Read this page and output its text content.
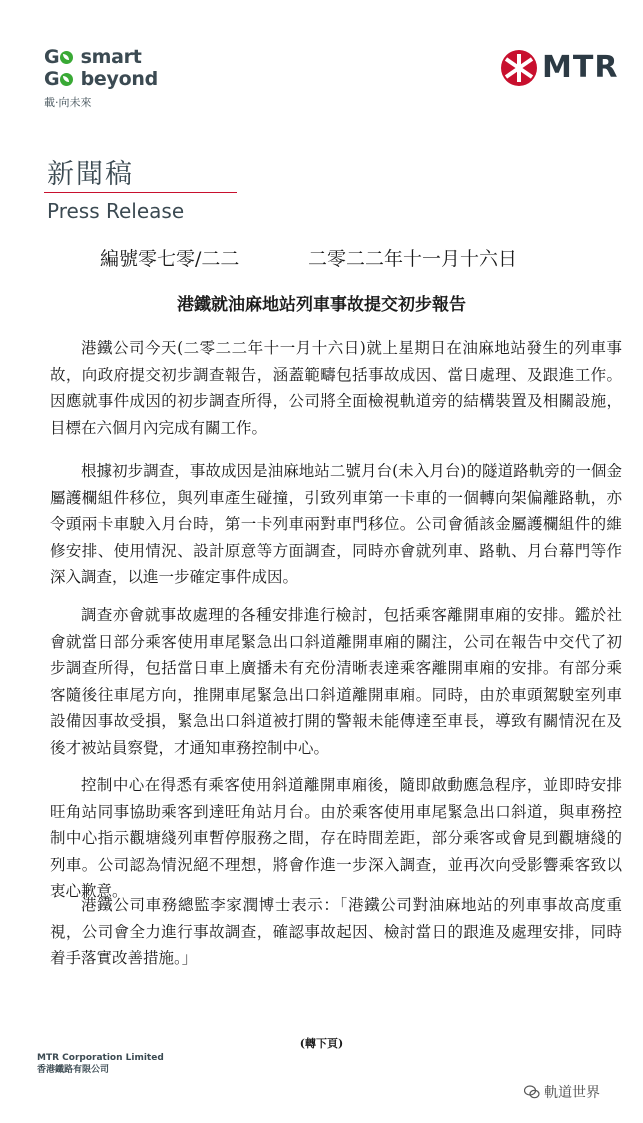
G smart
G beyond
載·向未來
MTR
新聞稿
Press Release
編號零七零/二二	二零二二年十一月十六日
港鐵就油麻地站列車事故提交初步報告
港鐵公司今天(二零二二年十一月十六日)就上星期日在油麻地站發生的列車事故，向政府提交初步調查報告，涵蓋範疇包括事故成因、當日處理、及跟進工作。因應就事件成因的初步調查所得，公司將全面檢視軌道旁的結構裝置及相關設施，目標在六個月內完成有關工作。
根據初步調查，事故成因是油麻地站二號月台(未入月台)的隧道路軌旁的一個金屬護欄組件移位，與列車產生碰撞，引致列車第一卡車的一個轉向架偏離路軌，亦令頭兩卡車駛入月台時，第一卡列車兩對車門移位。公司會循該金屬護欄組件的維修安排、使用情況、設計原意等方面調查，同時亦會就列車、路軌、月台幕門等作深入調查，以進一步確定事件成因。
調查亦會就事故處理的各種安排進行檢討，包括乘客離開車廂的安排。鑑於社會就當日部分乘客使用車尾緊急出口斜道離開車廂的關注，公司在報告中交代了初步調查所得，包括當日車上廣播未有充份清晰表達乘客離開車廂的安排。有部分乘客隨後往車尾方向，推開車尾緊急出口斜道離開車廂。同時，由於車頭駕駛室列車設備因事故受損，緊急出口斜道被打開的警報未能傳達至車長，導致有關情況在及後才被站員察覺，才通知車務控制中心。
控制中心在得悉有乘客使用斜道離開車廂後，隨即啟動應急程序，並即時安排旺角站同事協助乘客到達旺角站月台。由於乘客使用車尾緊急出口斜道，與車務控制中心指示觀塘綫列車暫停服務之間，存在時間差距，部分乘客或會見到觀塘綫的列車。公司認為情況絕不理想，將會作進一步深入調查，並再次向受影響乘客致以衷心歉意。
港鐵公司車務總監李家潤博士表示：「港鐵公司對油麻地站的列車事故高度重視，公司會全力進行事故調查，確認事故起因、檢討當日的跟進及處理安排，同時着手落實改善措施。」
(轉下頁)
MTR Corporation Limited
香港鐵路有限公司
軌道世界
